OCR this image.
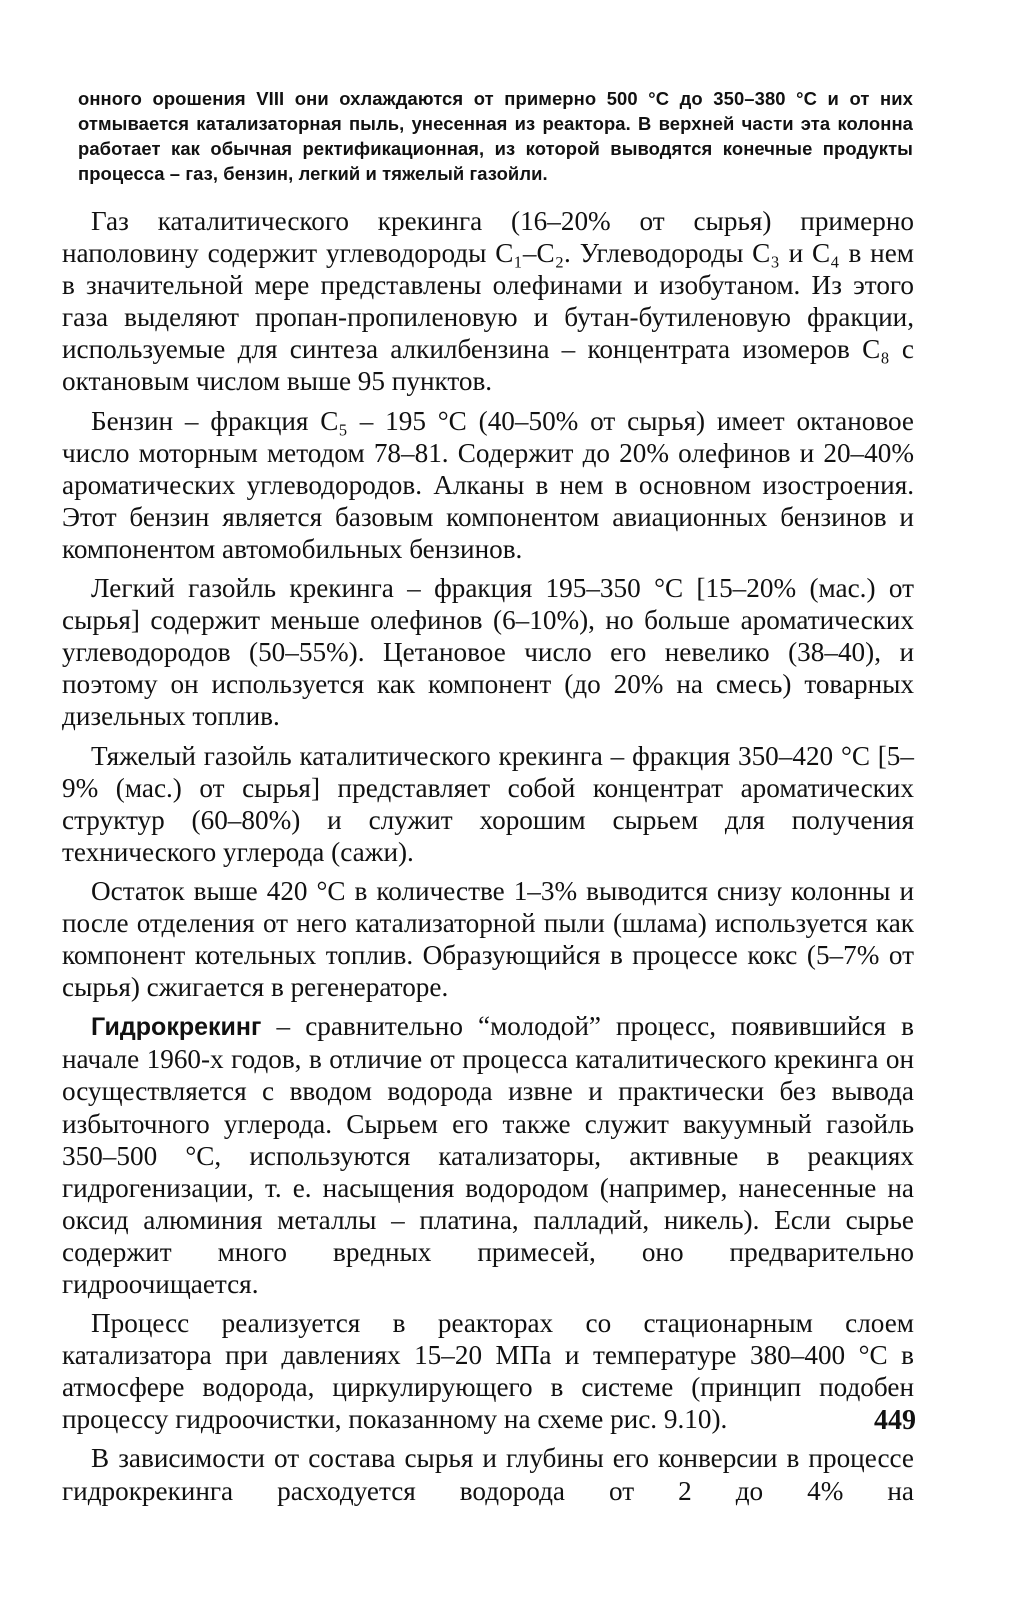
онного орошения VIII они охлаждаются от примерно 500 °С до 350–380 °С и от них отмывается катализаторная пыль, унесенная из реактора. В верхней части эта колонна работает как обычная ректификационная, из которой выводятся конечные продукты процесса – газ, бензин, легкий и тяжелый газойли.

Газ каталитического крекинга (16–20% от сырья) примерно наполовину содержит углеводороды C₁–C₂. Углеводороды C₃ и C₄ в нем в значительной мере представлены олефинами и изобутаном. Из этого газа выделяют пропан-пропиленовую и бутан-бутиленовую фракции, используемые для синтеза алкилбензина – концентрата изомеров C₈ с октановым числом выше 95 пунктов.

Бензин – фракция C₅ – 195 °С (40–50% от сырья) имеет октановое число моторным методом 78–81. Содержит до 20% олефинов и 20–40% ароматических углеводородов. Алканы в нем в основном изостроения. Этот бензин является базовым компонентом авиационных бензинов и компонентом автомобильных бензинов.

Легкий газойль крекинга – фракция 195–350 °С [15–20% (мас.) от сырья] содержит меньше олефинов (6–10%), но больше ароматических углеводородов (50–55%). Цетановое число его невелико (38–40), и поэтому он используется как компонент (до 20% на смесь) товарных дизельных топлив.

Тяжелый газойль каталитического крекинга – фракция 350–420 °С [5–9% (мас.) от сырья] представляет собой концентрат ароматических структур (60–80%) и служит хорошим сырьем для получения технического углерода (сажи).

Остаток выше 420 °С в количестве 1–3% выводится снизу колонны и после отделения от него катализаторной пыли (шлама) используется как компонент котельных топлив. Образующийся в процессе кокс (5–7% от сырья) сжигается в регенераторе.

Гидрокрекинг – сравнительно “молодой” процесс, появившийся в начале 1960-х годов, в отличие от процесса каталитического крекинга он осуществляется с вводом водорода извне и практически без вывода избыточного углерода. Сырьем его также служит вакуумный газойль 350–500 °С, используются катализаторы, активные в реакциях гидрогенизации, т. е. насыщения водородом (например, нанесенные на оксид алюминия металлы – платина, палладий, никель). Если сырье содержит много вредных примесей, оно предварительно гидроочищается.

Процесс реализуется в реакторах со стационарным слоем катализатора при давлениях 15–20 МПа и температуре 380–400 °С в атмосфере водорода, циркулирующего в системе (принцип подобен процессу гидроочистки, показанному на схеме рис. 9.10).

В зависимости от состава сырья и глубины его конверсии в процессе гидрокрекинга расходуется водорода от 2 до 4% на

449
